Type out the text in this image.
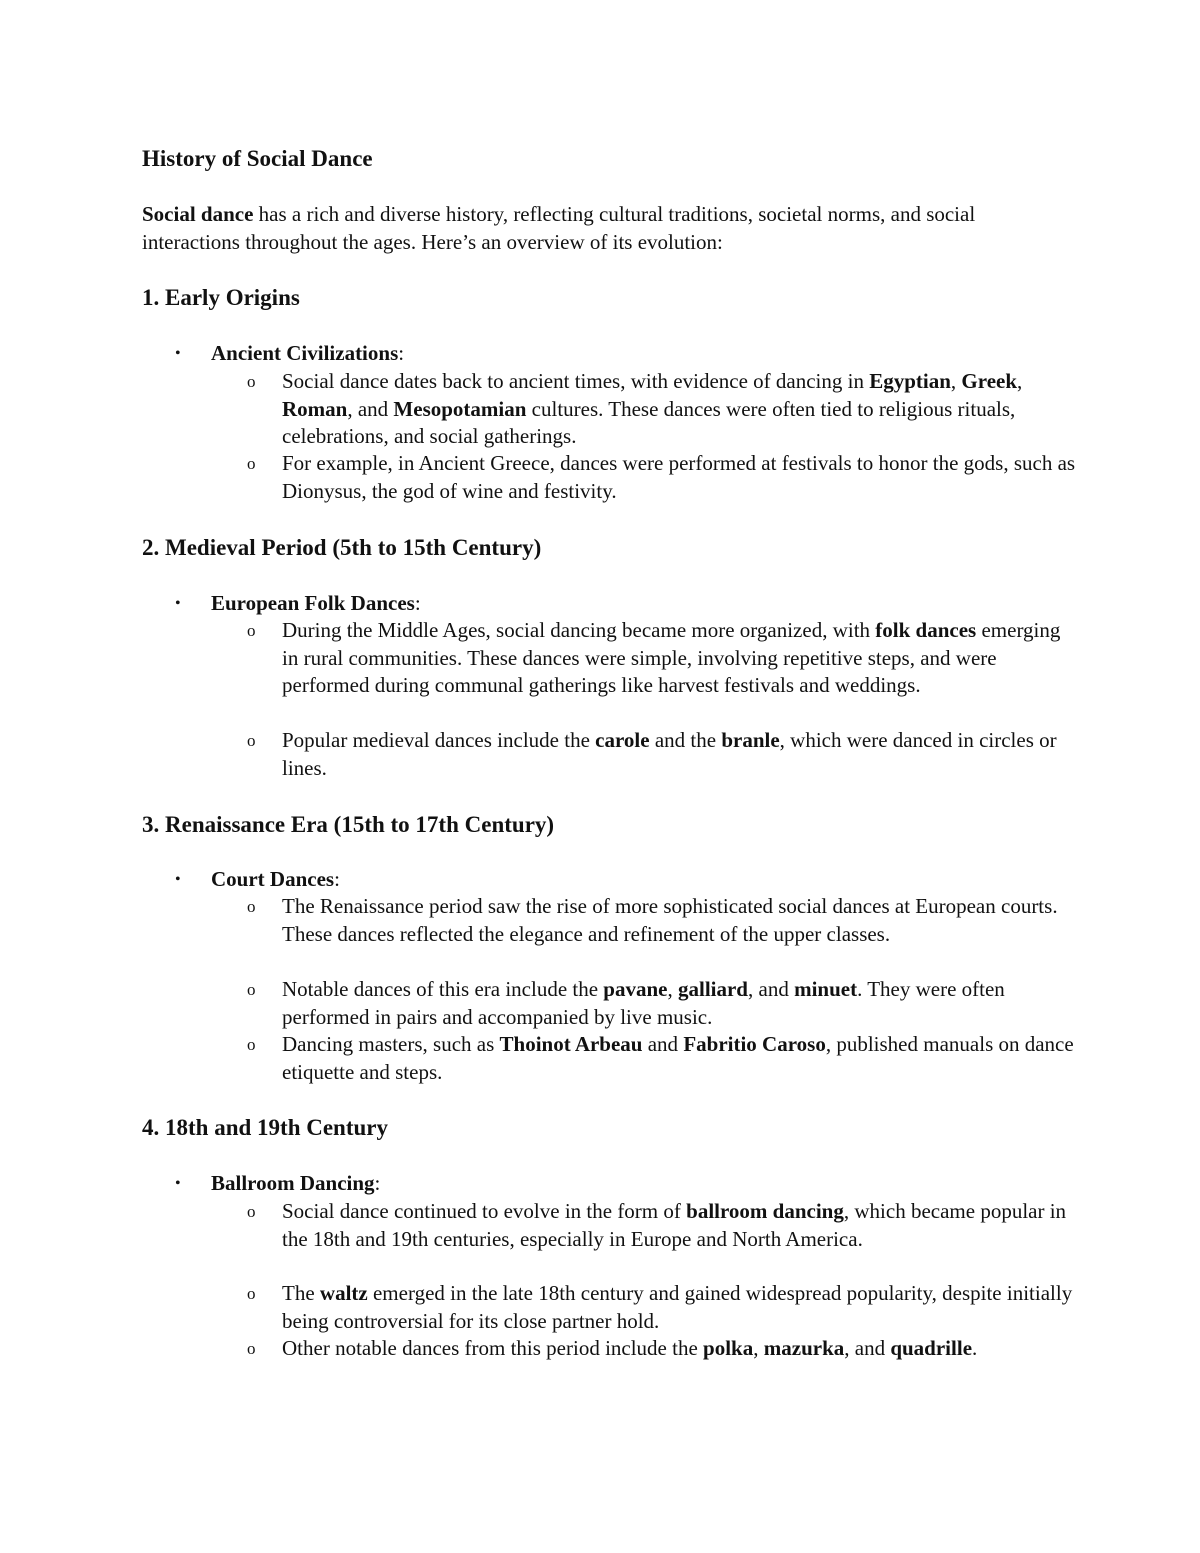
History of Social Dance
Social dance has a rich and diverse history, reflecting cultural traditions, societal norms, and social interactions throughout the ages. Here’s an overview of its evolution:
1. Early Origins
• Ancient Civilizations:
o	Social dance dates back to ancient times, with evidence of dancing in Egyptian, Greek, Roman, and Mesopotamian cultures. These dances were often tied to religious rituals, celebrations, and social gatherings.
o	For example, in Ancient Greece, dances were performed at festivals to honor the gods, such as Dionysus, the god of wine and festivity.
2. Medieval Period (5th to 15th Century)
• European Folk Dances:
o	During the Middle Ages, social dancing became more organized, with folk dances emerging in rural communities. These dances were simple, involving repetitive steps, and were performed during communal gatherings like harvest festivals and weddings.
o	Popular medieval dances include the carole and the branle, which were danced in circles or lines.
3. Renaissance Era (15th to 17th Century)
• Court Dances:
o	The Renaissance period saw the rise of more sophisticated social dances at European courts. These dances reflected the elegance and refinement of the upper classes.
o	Notable dances of this era include the pavane, galliard, and minuet. They were often performed in pairs and accompanied by live music.
o	Dancing masters, such as Thoinot Arbeau and Fabritio Caroso, published manuals on dance etiquette and steps.
4. 18th and 19th Century
• Ballroom Dancing:
o	Social dance continued to evolve in the form of ballroom dancing, which became popular in the 18th and 19th centuries, especially in Europe and North America.
o	The waltz emerged in the late 18th century and gained widespread popularity, despite initially being controversial for its close partner hold.
o	Other notable dances from this period include the polka, mazurka, and quadrille.
